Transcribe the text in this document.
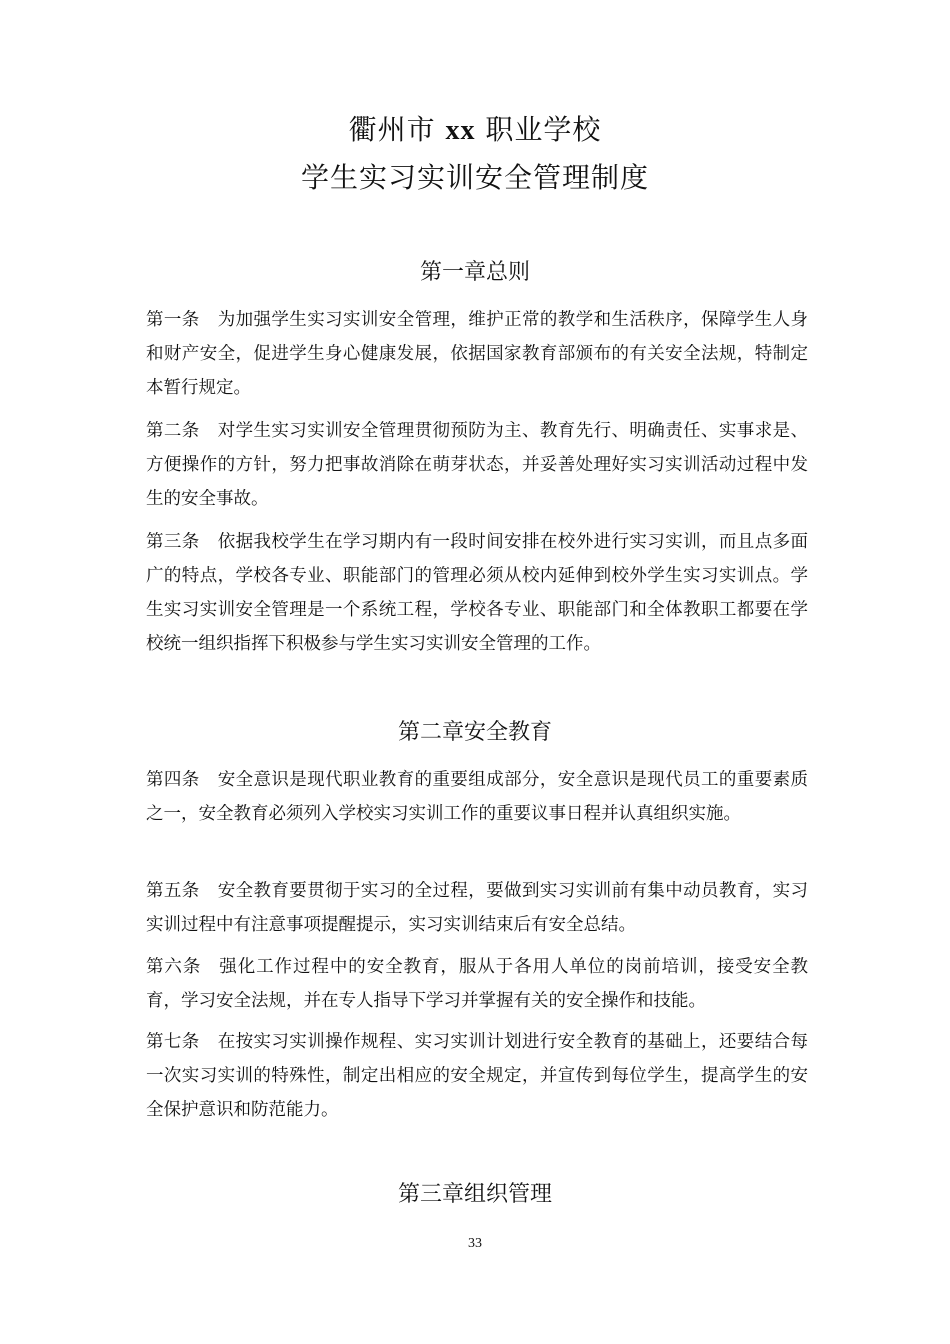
衢州市 xx 职业学校
学生实习实训安全管理制度
第一章总则
第一条 为加强学生实习实训安全管理，维护正常的教学和生活秩序，保障学生人身和财产安全，促进学生身心健康发展，依据国家教育部颁布的有关安全法规，特制定本暂行规定。
第二条 对学生实习实训安全管理贯彻预防为主、教育先行、明确责任、实事求是、方便操作的方针，努力把事故消除在萌芽状态，并妥善处理好实习实训活动过程中发生的安全事故。
第三条 依据我校学生在学习期内有一段时间安排在校外进行实习实训，而且点多面广的特点，学校各专业、职能部门的管理必须从校内延伸到校外学生实习实训点。学生实习实训安全管理是一个系统工程，学校各专业、职能部门和全体教职工都要在学校统一组织指挥下积极参与学生实习实训安全管理的工作。
第二章安全教育
第四条 安全意识是现代职业教育的重要组成部分，安全意识是现代员工的重要素质之一，安全教育必须列入学校实习实训工作的重要议事日程并认真组织实施。
第五条 安全教育要贯彻于实习的全过程，要做到实习实训前有集中动员教育，实习实训过程中有注意事项提醒提示，实习实训结束后有安全总结。
第六条 强化工作过程中的安全教育，服从于各用人单位的岗前培训，接受安全教育，学习安全法规，并在专人指导下学习并掌握有关的安全操作和技能。
第七条 在按实习实训操作规程、实习实训计划进行安全教育的基础上，还要结合每一次实习实训的特殊性，制定出相应的安全规定，并宣传到每位学生，提高学生的安全保护意识和防范能力。
第三章组织管理
33
